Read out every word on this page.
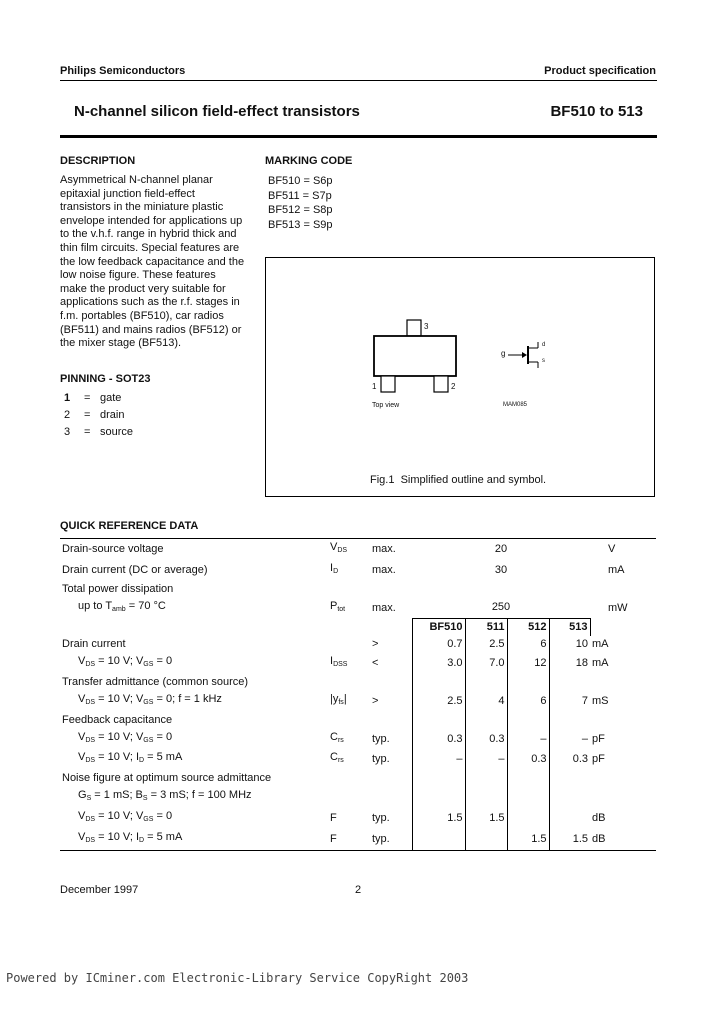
Philips Semiconductors	Product specification
N-channel silicon field-effect transistors	BF510 to 513
DESCRIPTION
Asymmetrical N-channel planar
epitaxial junction field-effect
transistors in the miniature plastic
envelope intended for applications up
to the v.h.f. range in hybrid thick and
thin film circuits. Special features are
the low feedback capacitance and the
low noise figure. These features
make the product very suitable for
applications such as the r.f. stages in
f.m. portables (BF510), car radios
(BF511) and mains radios (BF512) or
the mixer stage (BF513).
PINNING - SOT23
1 = gate
2 = drain
3 = source
MARKING CODE
BF510 = S6p
BF511 = S7p
BF512 = S8p
BF513 = S9p
3
1	2
Top view
g
d
s
MAM085
Fig.1 Simplified outline and symbol.
QUICK REFERENCE DATA
Drain-source voltage	$V_{DS}$	max.	20				V
Drain current (DC or average)	$I_D$	max.	30				mA
Total power dissipation							
up to $T_{amb} = 70$ °C	$P_{tot}$	max.	250				mW
			BF510	511	512	513	
Drain current		>	0.7	2.5	6	10	mA
$V_{DS} = 10$ V; $V_{GS} = 0$	$I_{DSS}$	<	3.0	7.0	12	18	mA
Transfer admittance (common source)							
$V_{DS} = 10$ V; $V_{GS} = 0$; f = 1 kHz	$|y_{fs}|$	>	2.5	4	6	7	mS
Feedback capacitance							
$V_{DS} = 10$ V; $V_{GS} = 0$	$C_{rs}$	typ.	0.3	0.3	–	–	pF
$V_{DS} = 10$ V; $I_D = 5$ mA	$C_{rs}$	typ.	–	–	0.3	0.3	pF
Noise figure at optimum source admittance							
$G_S = 1$ mS; $B_S = 3$ mS; f = 100 MHz							
$V_{DS} = 10$ V; $V_{GS} = 0$	F	typ.	1.5	1.5			dB
$V_{DS} = 10$ V; $I_D = 5$ mA	F	typ.			1.5	1.5	dB
December 1997	2
Powered by ICminer.com Electronic-Library Service CopyRight 2003
